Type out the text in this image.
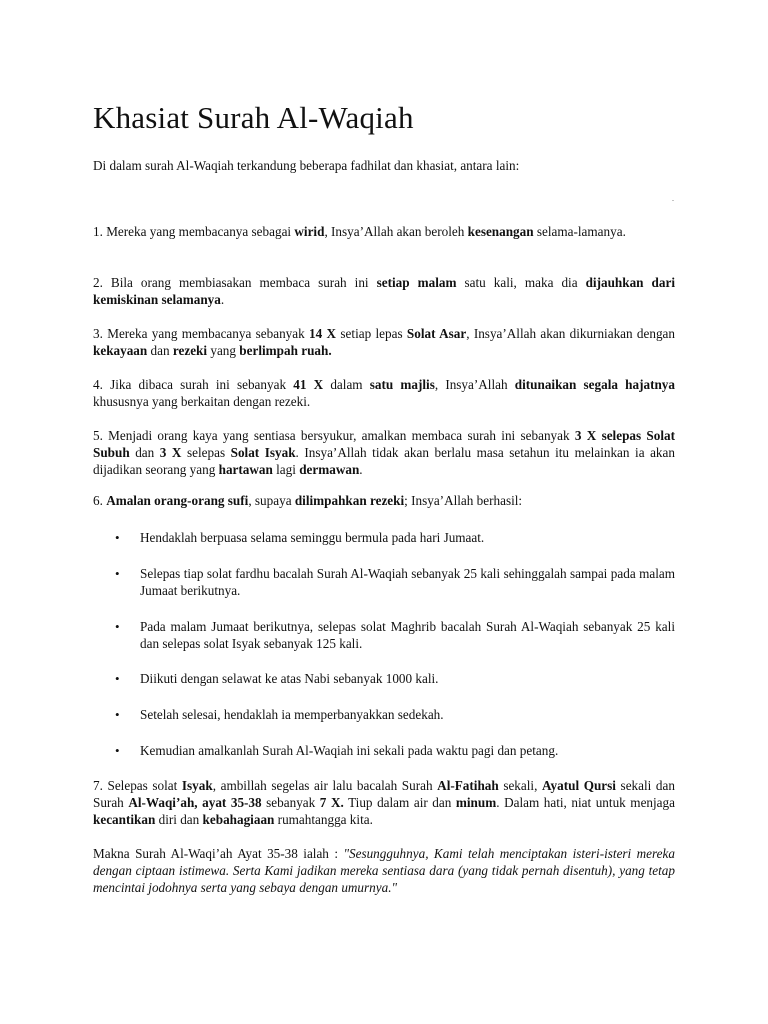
Khasiat Surah Al-Waqiah

Di dalam surah Al-Waqiah terkandung beberapa fadhilat dan khasiat, antara lain:

.

1. Mereka yang membacanya sebagai wirid, Insya’Allah akan beroleh kesenangan selama-lamanya.

2. Bila orang membiasakan membaca surah ini setiap malam satu kali, maka dia dijauhkan dari kemiskinan selamanya.

3. Mereka yang membacanya sebanyak 14 X setiap lepas Solat Asar, Insya’Allah akan dikurniakan dengan kekayaan dan rezeki yang berlimpah ruah.

4. Jika dibaca surah ini sebanyak 41 X dalam satu majlis, Insya’Allah ditunaikan segala hajatnya khususnya yang berkaitan dengan rezeki.

5. Menjadi orang kaya yang sentiasa bersyukur, amalkan membaca surah ini sebanyak 3 X selepas Solat Subuh dan 3 X selepas Solat Isyak. Insya’Allah tidak akan berlalu masa setahun itu melainkan ia akan dijadikan seorang yang hartawan lagi dermawan.

6. Amalan orang-orang sufi, supaya dilimpahkan rezeki; Insya’Allah berhasil:

• Hendaklah berpuasa selama seminggu bermula pada hari Jumaat.
• Selepas tiap solat fardhu bacalah Surah Al-Waqiah sebanyak 25 kali sehinggalah sampai pada malam Jumaat berikutnya.
• Pada malam Jumaat berikutnya, selepas solat Maghrib bacalah Surah Al-Waqiah sebanyak 25 kali dan selepas solat Isyak sebanyak 125 kali.
• Diikuti dengan selawat ke atas Nabi sebanyak 1000 kali.
• Setelah selesai, hendaklah ia memperbanyakkan sedekah.
• Kemudian amalkanlah Surah Al-Waqiah ini sekali pada waktu pagi dan petang.

7. Selepas solat Isyak, ambillah segelas air lalu bacalah Surah Al-Fatihah sekali, Ayatul Qursi sekali dan Surah Al-Waqi’ah, ayat 35-38 sebanyak 7 X. Tiup dalam air dan minum. Dalam hati, niat untuk menjaga kecantikan diri dan kebahagiaan rumahtangga kita.

Makna Surah Al-Waqi’ah Ayat 35-38 ialah : "Sesungguhnya, Kami telah menciptakan isteri-isteri mereka dengan ciptaan istimewa. Serta Kami jadikan mereka sentiasa dara (yang tidak pernah disentuh), yang tetap mencintai jodohnya serta yang sebaya dengan umurnya."
